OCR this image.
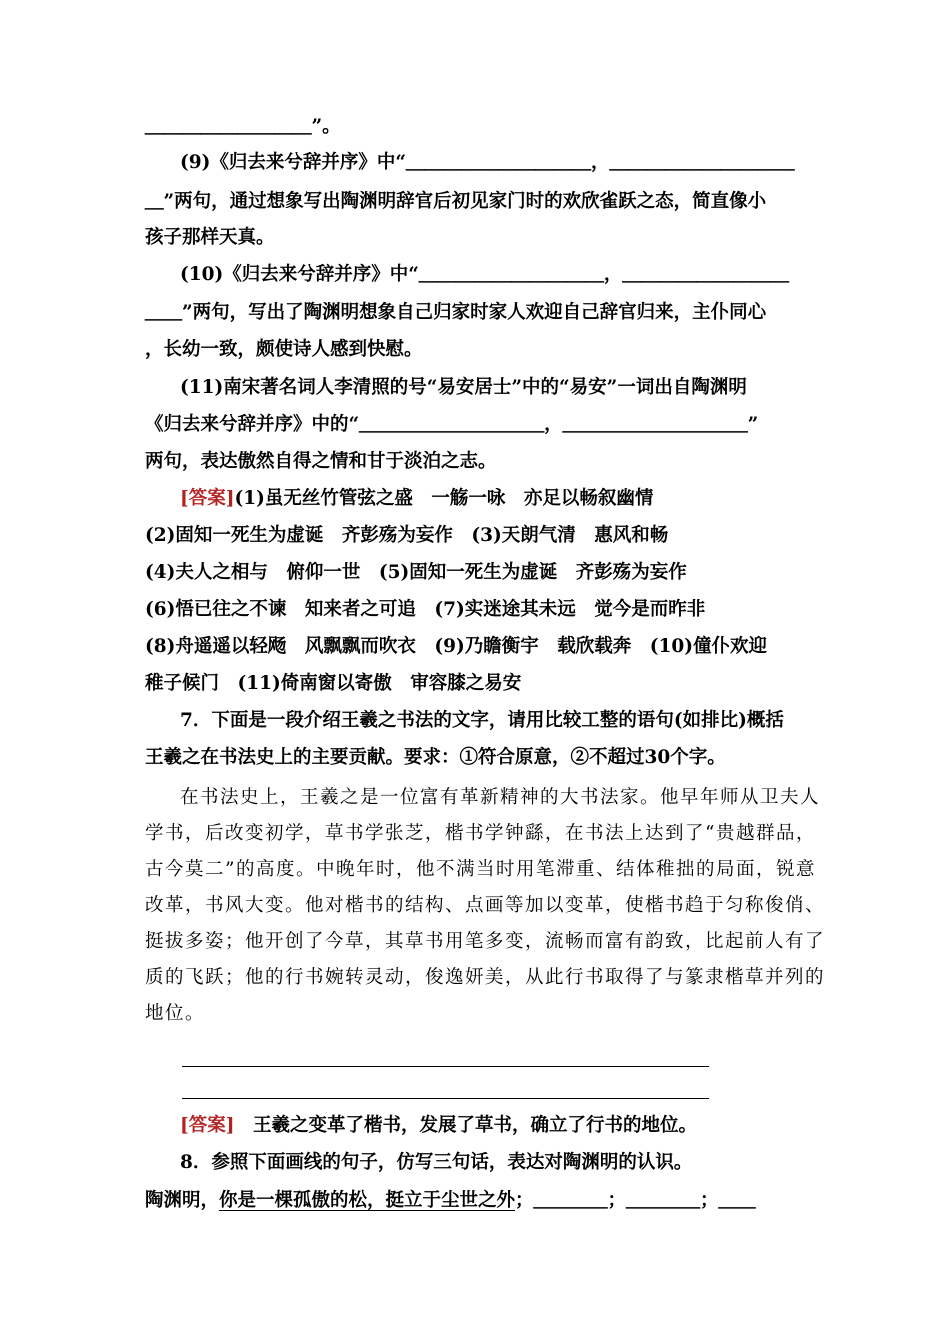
＿＿＿＿＿＿＿＿＿”。
(9)《归去来兮辞并序》中“＿＿＿＿＿＿＿＿＿＿，＿＿＿＿＿＿＿＿＿＿
＿”两句，通过想象写出陶渊明辞官后初见家门时的欢欣雀跃之态，简直像小
孩子那样天真。
(10)《归去来兮辞并序》中“＿＿＿＿＿＿＿＿＿＿，＿＿＿＿＿＿＿＿＿
＿＿”两句，写出了陶渊明想象自己归家时家人欢迎自己辞官归来，主仆同心
，长幼一致，颇使诗人感到快慰。
(11)南宋著名词人李清照的号“易安居士”中的“易安”一词出自陶渊明
《归去来兮辞并序》中的“＿＿＿＿＿＿＿＿＿＿，＿＿＿＿＿＿＿＿＿＿”
两句，表达傲然自得之情和甘于淡泊之志。
[答案](1)虽无丝竹管弦之盛　一觞一咏　亦足以畅叙幽情
(2)固知一死生为虚诞　齐彭殇为妄作　(3)天朗气清　惠风和畅
(4)夫人之相与　俯仰一世　(5)固知一死生为虚诞　齐彭殇为妄作
(6)悟已往之不谏　知来者之可追　(7)实迷途其未远　觉今是而昨非
(8)舟遥遥以轻飏　风飘飘而吹衣　(9)乃瞻衡宇　载欣载奔　(10)僮仆欢迎
稚子候门　(11)倚南窗以寄傲　审容膝之易安
7．下面是一段介绍王羲之书法的文字，请用比较工整的语句(如排比)概括
王羲之在书法史上的主要贡献。要求：①符合原意，②不超过30个字。
在书法史上，王羲之是一位富有革新精神的大书法家。他早年师从卫夫人
学书，后改变初学，草书学张芝，楷书学钟繇，在书法上达到了“贵越群品，
古今莫二”的高度。中晚年时，他不满当时用笔滞重、结体稚拙的局面，锐意
改革，书风大变。他对楷书的结构、点画等加以变革，使楷书趋于匀称俊俏、
挺拔多姿；他开创了今草，其草书用笔多变，流畅而富有韵致，比起前人有了
质的飞跃；他的行书婉转灵动，俊逸妍美，从此行书取得了与篆隶楷草并列的
地位。
[答案]　 王羲之变革了楷书，发展了草书，确立了行书的地位。
8．参照下面画线的句子，仿写三句话，表达对陶渊明的认识。
陶渊明，你是一棵孤傲的松，挺立于尘世之外；＿＿＿＿；＿＿＿＿；＿＿
